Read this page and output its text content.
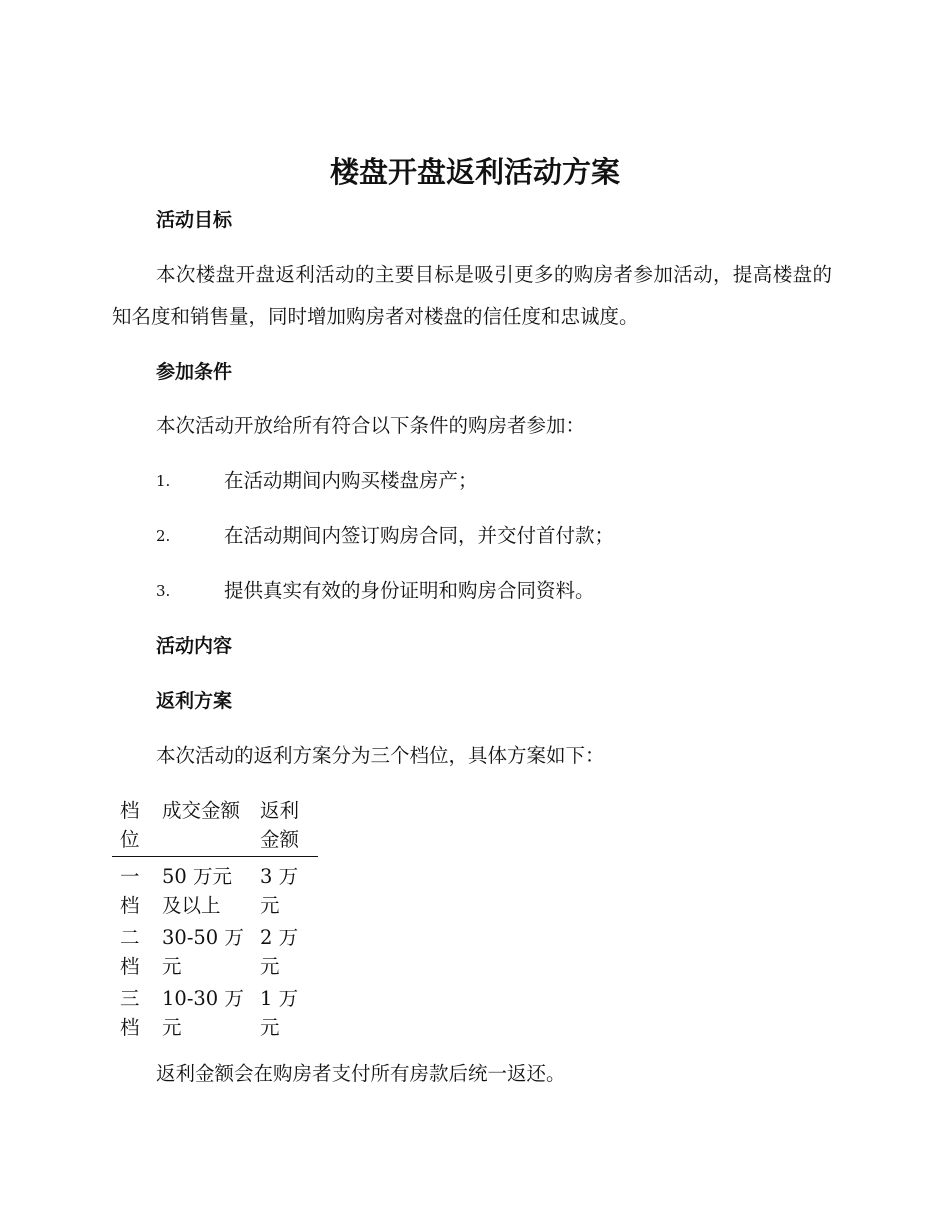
楼盘开盘返利活动方案
活动目标

本次楼盘开盘返利活动的主要目标是吸引更多的购房者参加活动，提高楼盘的知名度和销售量，同时增加购房者对楼盘的信任度和忠诚度。

参加条件

本次活动开放给所有符合以下条件的购房者参加：

1.	在活动期间内购买楼盘房产；
2.	在活动期间内签订购房合同，并交付首付款；
3.	提供真实有效的身份证明和购房合同资料。
活动内容
返利方案

本次活动的返利方案分为三个档位，具体方案如下：

档位	成交金额	返利金额
一档	50 万元及以上	3 万元
二档	30-50 万元	2 万元
三档	10-30 万元	1 万元

返利金额会在购房者支付所有房款后统一返还。
